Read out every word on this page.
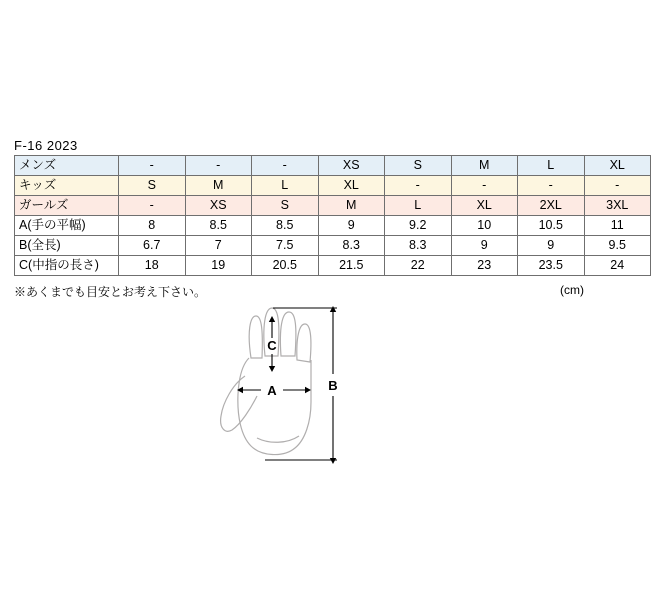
F-16 2023
メンズ	-	-	-	XS	S	M	L	XL
キッズ	S	M	L	XL	-	-	-	-
ガールズ	-	XS	S	M	L	XL	2XL	3XL
A(手の平幅)	8	8.5	8.5	9	9.2	10	10.5	11
B(全長)	6.7	7	7.5	8.3	8.3	9	9	9.5
C(中指の長さ)	18	19	20.5	21.5	22	23	23.5	24
※あくまでも目安とお考え下さい。	(cm)
C
A	B
